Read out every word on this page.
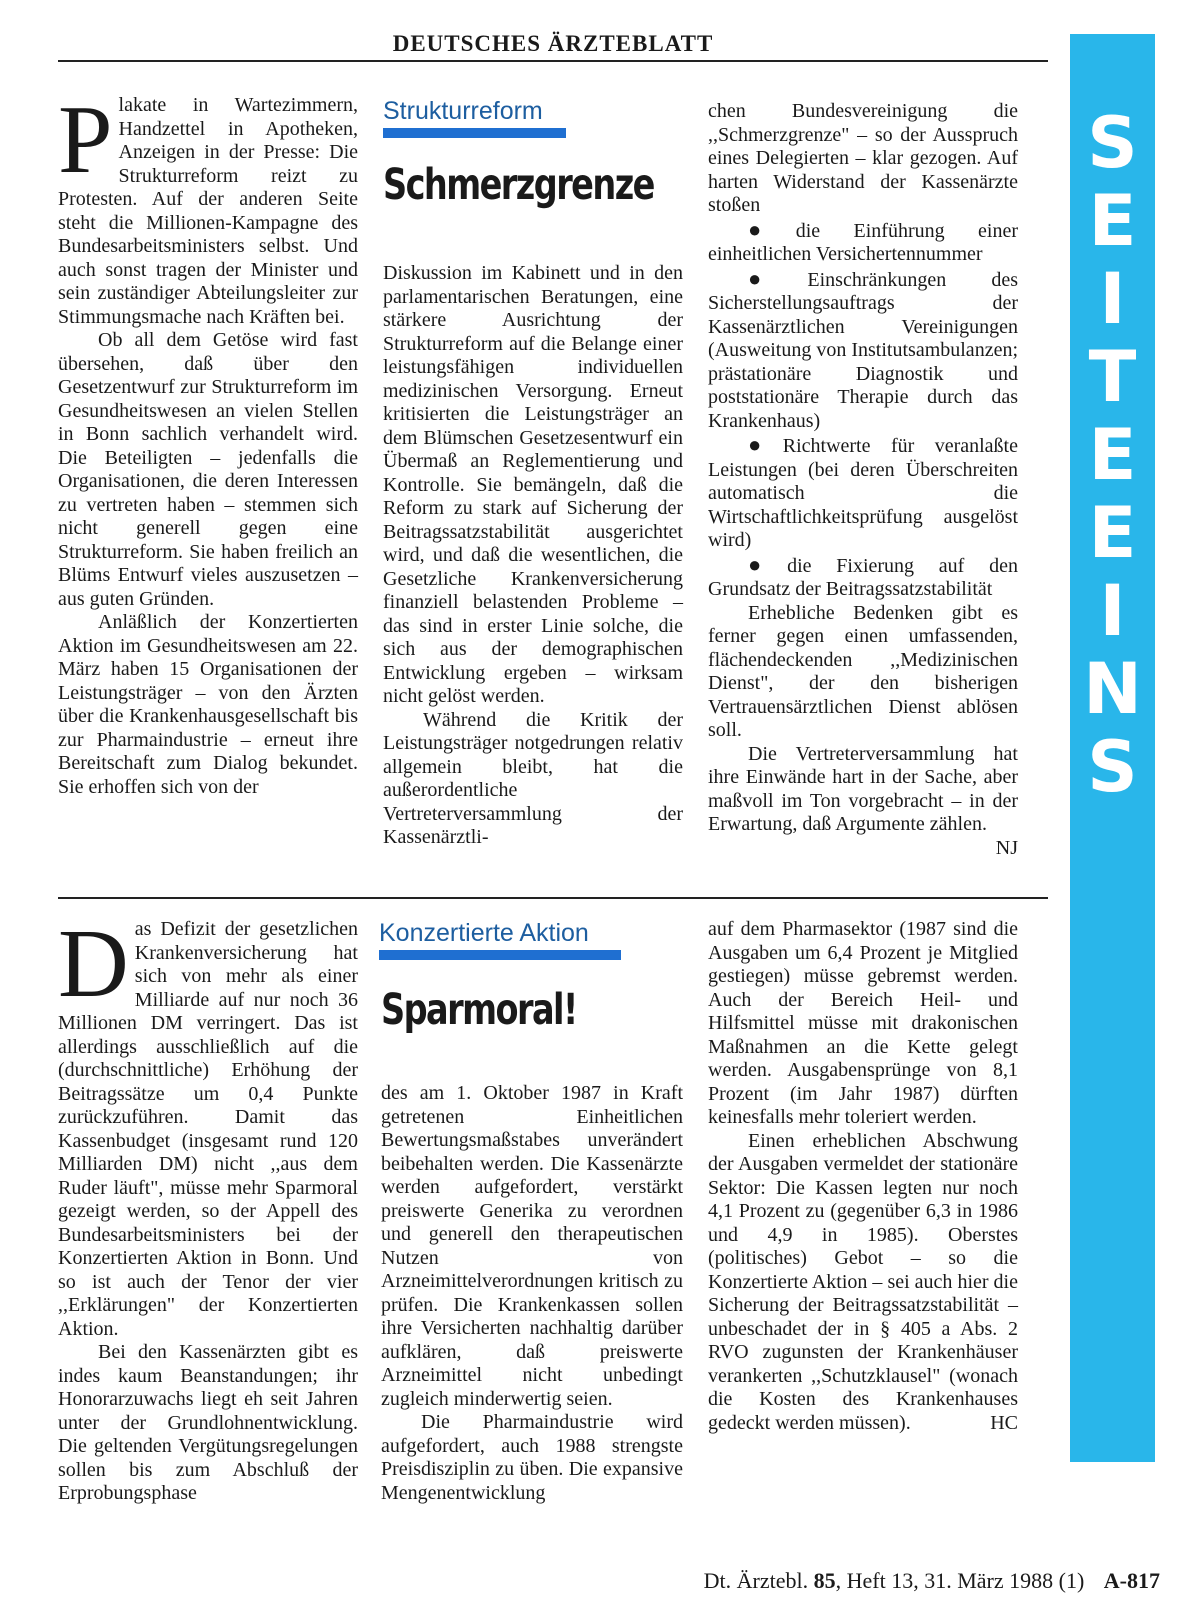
DEUTSCHES ÄRZTEBLATT
P lakate in Wartezimmern, Handzettel in Apotheken, Anzeigen in der Presse: Die Strukturreform reizt zu Protesten. Auf der anderen Seite steht die Millionen-Kampagne des Bundesarbeitsministers selbst. Und auch sonst tragen der Minister und sein zuständiger Abteilungsleiter zur Stimmungsmache nach Kräften bei.

Ob all dem Getöse wird fast übersehen, daß über den Gesetzentwurf zur Strukturreform im Gesundheitswesen an vielen Stellen in Bonn sachlich verhandelt wird. Die Beteiligten – jedenfalls die Organisationen, die deren Interessen zu vertreten haben – stemmen sich nicht generell gegen eine Strukturreform. Sie haben freilich an Blüms Entwurf vieles auszusetzen – aus guten Gründen.

Anläßlich der Konzertierten Aktion im Gesundheitswesen am 22. März haben 15 Organisationen der Leistungsträger – von den Ärzten über die Krankenhausgesellschaft bis zur Pharmaindustrie – erneut ihre Bereitschaft zum Dialog bekundet. Sie erhoffen sich von der

Strukturreform
Schmerzgrenze

Diskussion im Kabinett und in den parlamentarischen Beratungen, eine stärkere Ausrichtung der Strukturreform auf die Belange einer leistungsfähigen individuellen medizinischen Versorgung. Erneut kritisierten die Leistungsträger an dem Blümschen Gesetzesentwurf ein Übermaß an Reglementierung und Kontrolle. Sie bemängeln, daß die Reform zu stark auf Sicherung der Beitragssatzstabilität ausgerichtet wird, und daß die wesentlichen, die Gesetzliche Krankenversicherung finanziell belastenden Probleme – das sind in erster Linie solche, die sich aus der demographischen Entwicklung ergeben – wirksam nicht gelöst werden.

Während die Kritik der Leistungsträger notgedrungen relativ allgemein bleibt, hat die außerordentliche Vertreterversammlung der Kassenärztli-

chen Bundesvereinigung die ,,Schmerzgrenze" – so der Ausspruch eines Delegierten – klar gezogen. Auf harten Widerstand der Kassenärzte stoßen

● die Einführung einer einheitlichen Versichertennummer

● Einschränkungen des Sicherstellungsauftrags der Kassenärztlichen Vereinigungen (Ausweitung von Institutsambulanzen; prästationäre Diagnostik und poststationäre Therapie durch das Krankenhaus)

● Richtwerte für veranlaßte Leistungen (bei deren Überschreiten automatisch die Wirtschaftlichkeitsprüfung ausgelöst wird)

● die Fixierung auf den Grundsatz der Beitragssatzstabilität

Erhebliche Bedenken gibt es ferner gegen einen umfassenden, flächendeckenden ,,Medizinischen Dienst", der den bisherigen Vertrauensärztlichen Dienst ablösen soll.

Die Vertreterversammlung hat ihre Einwände hart in der Sache, aber maßvoll im Ton vorgebracht – in der Erwartung, daß Argumente zählen.
NJ

D as Defizit der gesetzlichen Krankenversicherung hat sich von mehr als einer Milliarde auf nur noch 36 Millionen DM verringert. Das ist allerdings ausschließlich auf die (durchschnittliche) Erhöhung der Beitragssätze um 0,4 Punkte zurückzuführen. Damit das Kassenbudget (insgesamt rund 120 Milliarden DM) nicht ,,aus dem Ruder läuft", müsse mehr Sparmoral gezeigt werden, so der Appell des Bundesarbeitsministers bei der Konzertierten Aktion in Bonn. Und so ist auch der Tenor der vier ,,Erklärungen" der Konzertierten Aktion.

Bei den Kassenärzten gibt es indes kaum Beanstandungen; ihr Honorarzuwachs liegt eh seit Jahren unter der Grundlohnentwicklung. Die geltenden Vergütungsregelungen sollen bis zum Abschluß der Erprobungsphase

Konzertierte Aktion
Sparmoral!

des am 1. Oktober 1987 in Kraft getretenen Einheitlichen Bewertungsmaßstabes unverändert beibehalten werden. Die Kassenärzte werden aufgefordert, verstärkt preiswerte Generika zu verordnen und generell den therapeutischen Nutzen von Arzneimittelverordnungen kritisch zu prüfen. Die Krankenkassen sollen ihre Versicherten nachhaltig darüber aufklären, daß preiswerte Arzneimittel nicht unbedingt zugleich minderwertig seien.

Die Pharmaindustrie wird aufgefordert, auch 1988 strengste Preisdisziplin zu üben. Die expansive Mengenentwicklung

auf dem Pharmasektor (1987 sind die Ausgaben um 6,4 Prozent je Mitglied gestiegen) müsse gebremst werden. Auch der Bereich Heil- und Hilfsmittel müsse mit drakonischen Maßnahmen an die Kette gelegt werden. Ausgabensprünge von 8,1 Prozent (im Jahr 1987) dürften keinesfalls mehr toleriert werden.

Einen erheblichen Abschwung der Ausgaben vermeldet der stationäre Sektor: Die Kassen legten nur noch 4,1 Prozent zu (gegenüber 6,3 in 1986 und 4,9 in 1985). Oberstes (politisches) Gebot – so die Konzertierte Aktion – sei auch hier die Sicherung der Beitragssatzstabilität – unbeschadet der in § 405 a Abs. 2 RVO zugunsten der Krankenhäuser verankerten ,,Schutzklausel" (wonach die Kosten des Krankenhauses gedeckt werden müssen).	HC

S
E
I
T
E
E
I
N
S
Dt. Ärztebl. 85, Heft 13, 31. März 1988 (1) A-817
